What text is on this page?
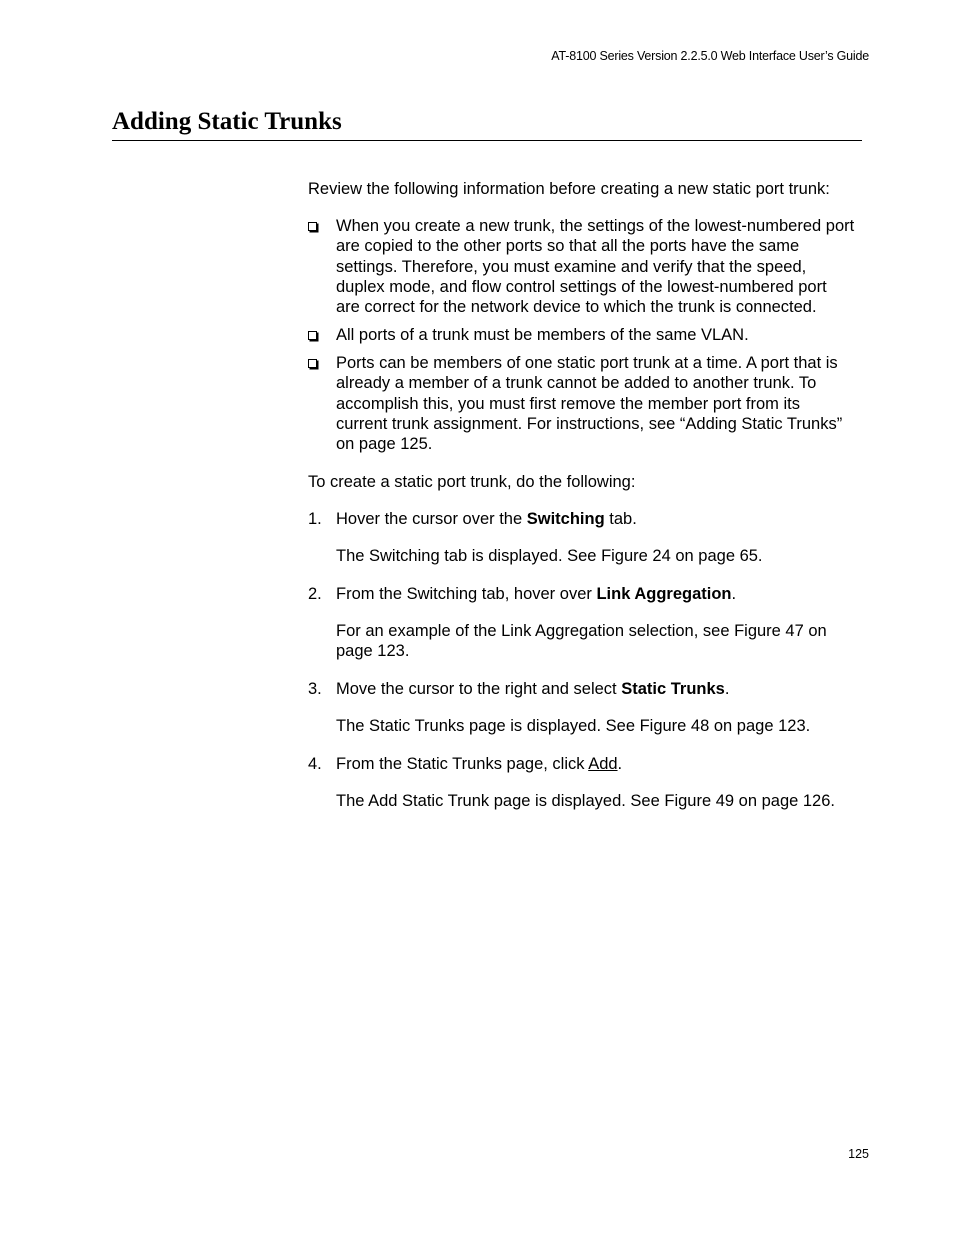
AT-8100 Series Version 2.2.5.0 Web Interface User’s Guide
Adding Static Trunks

Review the following information before creating a new static port trunk:

When you create a new trunk, the settings of the lowest-numbered port
are copied to the other ports so that all the ports have the same
settings. Therefore, you must examine and verify that the speed,
duplex mode, and flow control settings of the lowest-numbered port
are correct for the network device to which the trunk is connected.
All ports of a trunk must be members of the same VLAN.
Ports can be members of one static port trunk at a time. A port that is
already a member of a trunk cannot be added to another trunk. To
accomplish this, you must first remove the member port from its
current trunk assignment. For instructions, see “Adding Static Trunks”
on page 125.

To create a static port trunk, do the following:

1. Hover the cursor over the Switching tab.
The Switching tab is displayed. See Figure 24 on page 65.
2. From the Switching tab, hover over Link Aggregation.
For an example of the Link Aggregation selection, see Figure 47 on
page 123.
3. Move the cursor to the right and select Static Trunks.
The Static Trunks page is displayed. See Figure 48 on page 123.
4. From the Static Trunks page, click Add.
The Add Static Trunk page is displayed. See Figure 49 on page 126.
125
